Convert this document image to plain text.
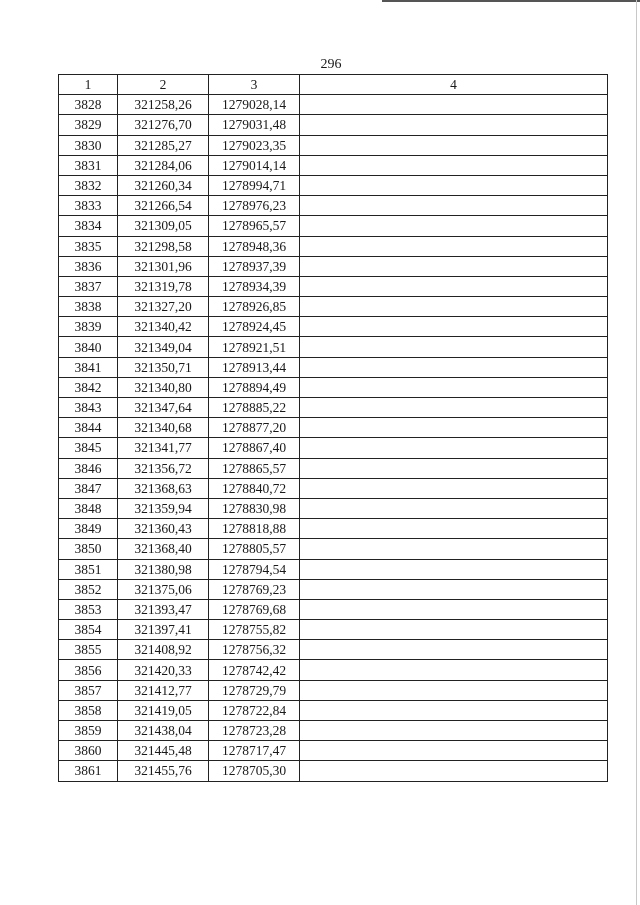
296
1	2	3	4
3828	321258,26	1279028,14	
3829	321276,70	1279031,48	
3830	321285,27	1279023,35	
3831	321284,06	1279014,14	
3832	321260,34	1278994,71	
3833	321266,54	1278976,23	
3834	321309,05	1278965,57	
3835	321298,58	1278948,36	
3836	321301,96	1278937,39	
3837	321319,78	1278934,39	
3838	321327,20	1278926,85	
3839	321340,42	1278924,45	
3840	321349,04	1278921,51	
3841	321350,71	1278913,44	
3842	321340,80	1278894,49	
3843	321347,64	1278885,22	
3844	321340,68	1278877,20	
3845	321341,77	1278867,40	
3846	321356,72	1278865,57	
3847	321368,63	1278840,72	
3848	321359,94	1278830,98	
3849	321360,43	1278818,88	
3850	321368,40	1278805,57	
3851	321380,98	1278794,54	
3852	321375,06	1278769,23	
3853	321393,47	1278769,68	
3854	321397,41	1278755,82	
3855	321408,92	1278756,32	
3856	321420,33	1278742,42	
3857	321412,77	1278729,79	
3858	321419,05	1278722,84	
3859	321438,04	1278723,28	
3860	321445,48	1278717,47	
3861	321455,76	1278705,30	
